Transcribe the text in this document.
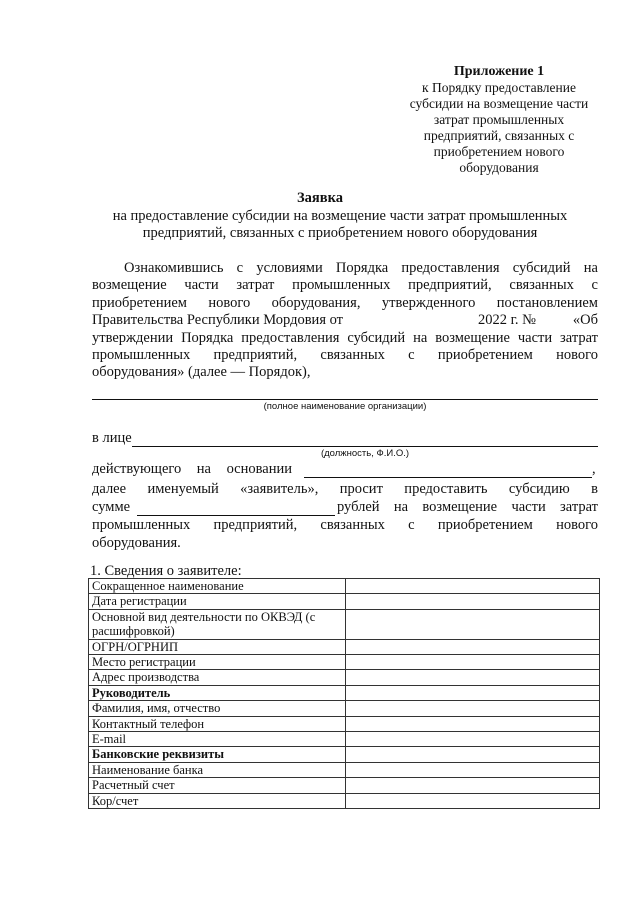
Приложение 1
к Порядку предоставление
субсидии на возмещение части
затрат промышленных
предприятий, связанных с
приобретением нового
оборудования
Заявка
на предоставление субсидии на возмещение части затрат промышленных
предприятий, связанных с приобретением нового оборудования
Ознакомившись с условиями Порядка предоставления субсидий на
возмещение части затрат промышленных предприятий, связанных с
приобретением нового оборудования, утвержденного постановлением
Правительства Республики Мордовия от	2022 г. №	«Об
утверждении Порядка предоставления субсидий на возмещение части затрат
промышленных предприятий, связанных с приобретением нового
оборудования» (далее — Порядок),
(полное наименование организации)
в лице
(должность, Ф.И.О.)
действующего на основании	,
далее именуемый «заявитель», просит предоставить субсидию в
сумме	рублей на возмещение части затрат
промышленных предприятий, связанных с приобретением нового
оборудования.
1. Сведения о заявителе:
Сокращенное наименование	
Дата регистрации	
Основной вид деятельности по ОКВЭД (с расшифровкой)	
ОГРН/ОГРНИП	
Место регистрации	
Адрес производства	
Руководитель	
Фамилия, имя, отчество	
Контактный телефон	
E-mail	
Банковские реквизиты	
Наименование банка	
Расчетный счет	
Кор/счет	
